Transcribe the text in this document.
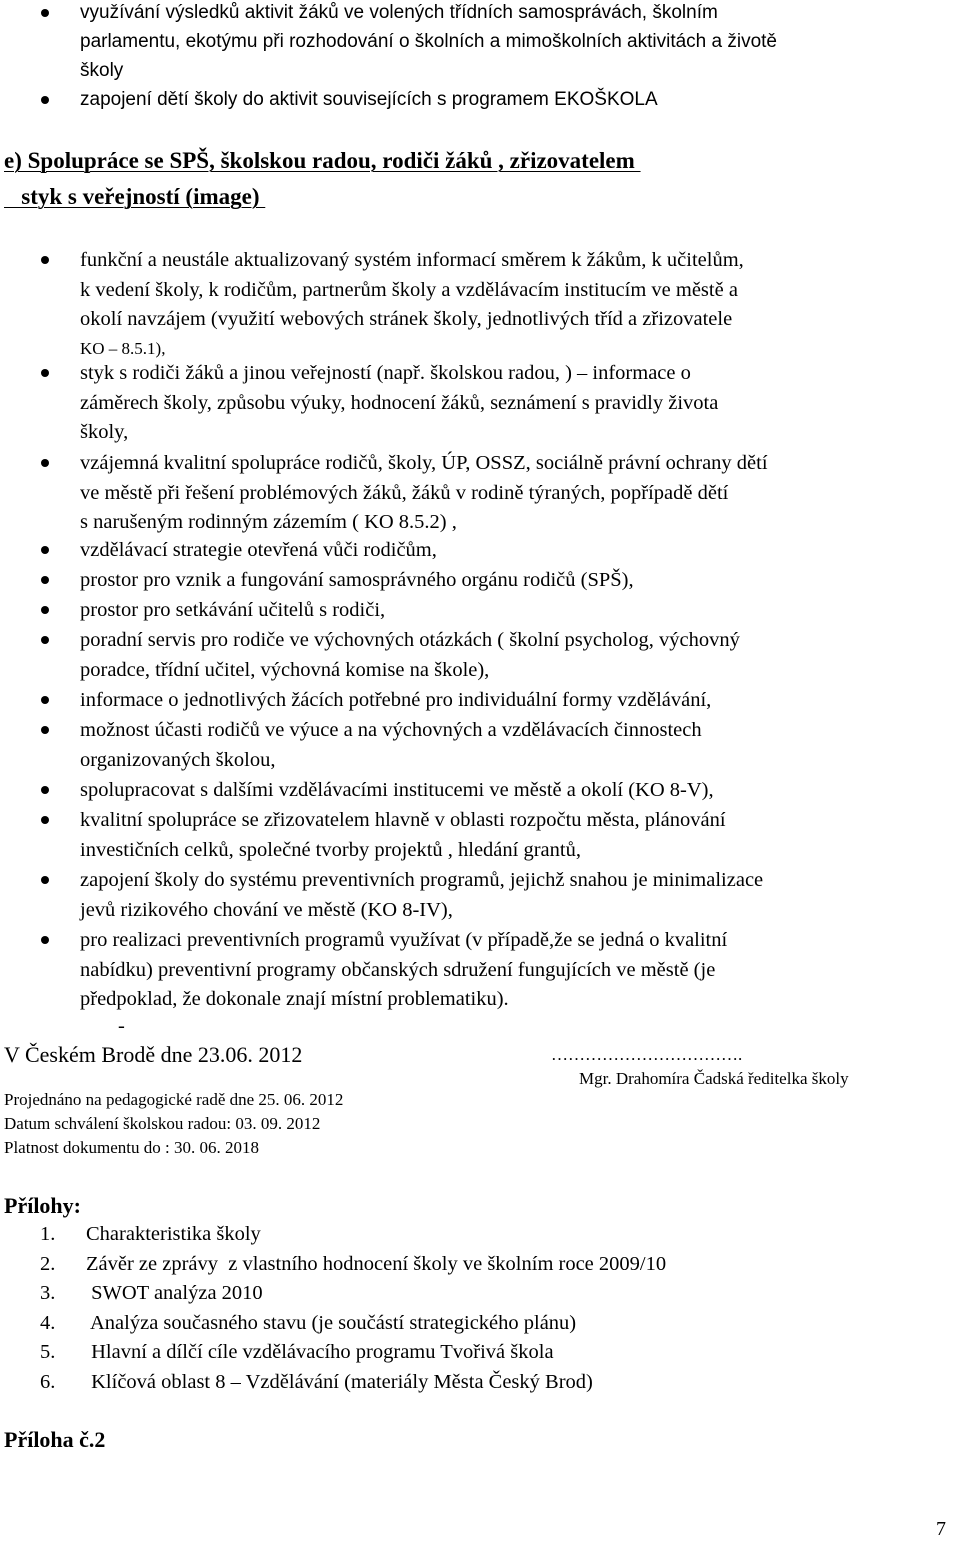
využívání výsledků aktivit žáků ve volených třídních samosprávách, školním
parlamentu, ekotýmu při rozhodování o školních a mimoškolních aktivitách a životě
školy
zapojení dětí školy do aktivit souvisejících s programem EKOŠKOLA
e) Spolupráce se SPŠ, školskou radou, rodiči žáků , zřizovatelem
styk s veřejností (image)
funkční a neustále aktualizovaný systém informací směrem k žákům, k učitelům,
k vedení školy, k rodičům, partnerům školy a vzdělávacím institucím ve městě a
okolí navzájem (využití webových stránek školy, jednotlivých tříd a zřizovatele
KO – 8.5.1),
styk s rodiči žáků a jinou veřejností (např. školskou radou, ) – informace o
záměrech školy, způsobu výuky, hodnocení žáků, seznámení s pravidly života
školy,
vzájemná kvalitní spolupráce rodičů, školy, ÚP, OSSZ, sociálně právní ochrany dětí
ve městě při řešení problémových žáků, žáků v rodině týraných, popřípadě dětí
s narušeným rodinným zázemím ( KO 8.5.2) ,
vzdělávací strategie otevřená vůči rodičům,
prostor pro vznik a fungování samosprávného orgánu rodičů (SPŠ),
prostor pro setkávání učitelů s rodiči,
poradní servis pro rodiče ve výchovných otázkách ( školní psycholog, výchovný
poradce, třídní učitel, výchovná komise na škole),
informace o jednotlivých žácích potřebné pro individuální formy vzdělávání,
možnost účasti rodičů ve výuce a na výchovných a vzdělávacích činnostech
organizovaných školou,
spolupracovat s dalšími vzdělávacími institucemi ve městě a okolí (KO 8-V),
kvalitní spolupráce se zřizovatelem hlavně v oblasti rozpočtu města, plánování
investičních celků, společné tvorby projektů , hledání grantů,
zapojení školy do systému preventivních programů, jejichž snahou je minimalizace
jevů rizikového chování ve městě (KO 8-IV),
pro realizaci preventivních programů využívat (v případě,že se jedná o kvalitní
nabídku) preventivní programy občanských sdružení fungujících ve městě (je
předpoklad, že dokonale znají místní problematiku).
-
V Českém Brodě dne 23.06. 2012	…………………………….
Mgr. Drahomíra Čadská ředitelka školy
Projednáno na pedagogické radě dne 25. 06. 2012
Datum schválení školskou radou: 03. 09. 2012
Platnost dokumentu do : 30. 06. 2018
Přílohy:
1. Charakteristika školy
2. Závěr ze zprávy  z vlastního hodnocení školy ve školním roce 2009/10
3. SWOT analýza 2010
4. Analýza současného stavu (je součástí strategického plánu)
5. Hlavní a dílčí cíle vzdělávacího programu Tvořivá škola
6. Klíčová oblast 8 – Vzdělávání (materiály Města Český Brod)
Příloha č.2
7
